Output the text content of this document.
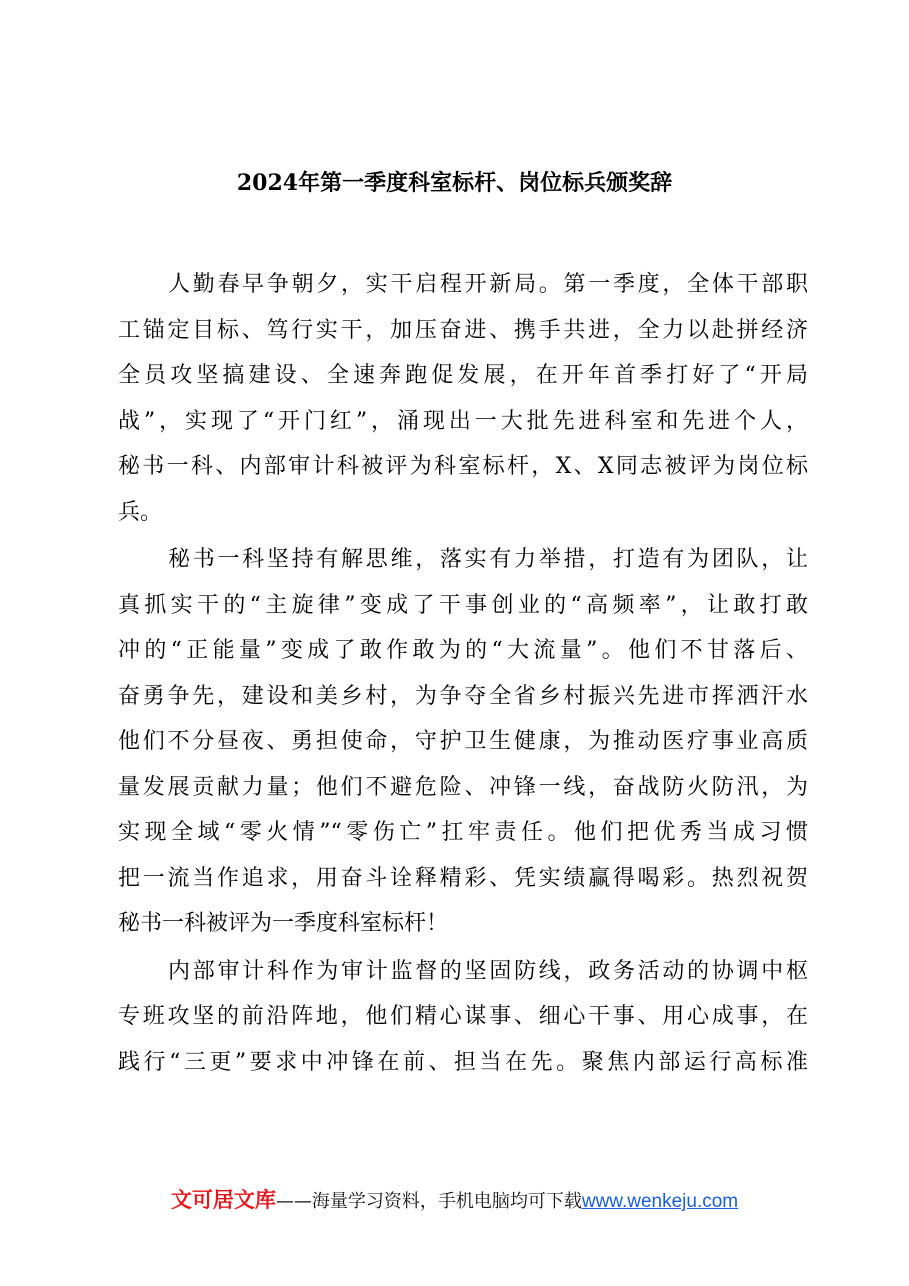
2024年第一季度科室标杆、岗位标兵颁奖辞
人勤春早争朝夕，实干启程开新局。第一季度，全体干部职
工锚定目标、笃行实干，加压奋进、携手共进，全力以赴拼经济
全员攻坚搞建设、全速奔跑促发展，在开年首季打好了“开局
战”，实现了“开门红”，涌现出一大批先进科室和先进个人，
秘书一科、内部审计科被评为科室标杆，X、X同志被评为岗位标
兵。
秘书一科坚持有解思维，落实有力举措，打造有为团队，让
真抓实干的“主旋律”变成了干事创业的“高频率”，让敢打敢
冲的“正能量”变成了敢作敢为的“大流量”。他们不甘落后、
奋勇争先，建设和美乡村，为争夺全省乡村振兴先进市挥洒汗水
他们不分昼夜、勇担使命，守护卫生健康，为推动医疗事业高质
量发展贡献力量；他们不避危险、冲锋一线，奋战防火防汛，为
实现全域“零火情”“零伤亡”扛牢责任。他们把优秀当成习惯
把一流当作追求，用奋斗诠释精彩、凭实绩赢得喝彩。热烈祝贺
秘书一科被评为一季度科室标杆！
内部审计科作为审计监督的坚固防线，政务活动的协调中枢
专班攻坚的前沿阵地，他们精心谋事、细心干事、用心成事，在
践行“三更”要求中冲锋在前、担当在先。聚焦内部运行高标准
文可居文库——海量学习资料，手机电脑均可下载www.wenkeju.com
